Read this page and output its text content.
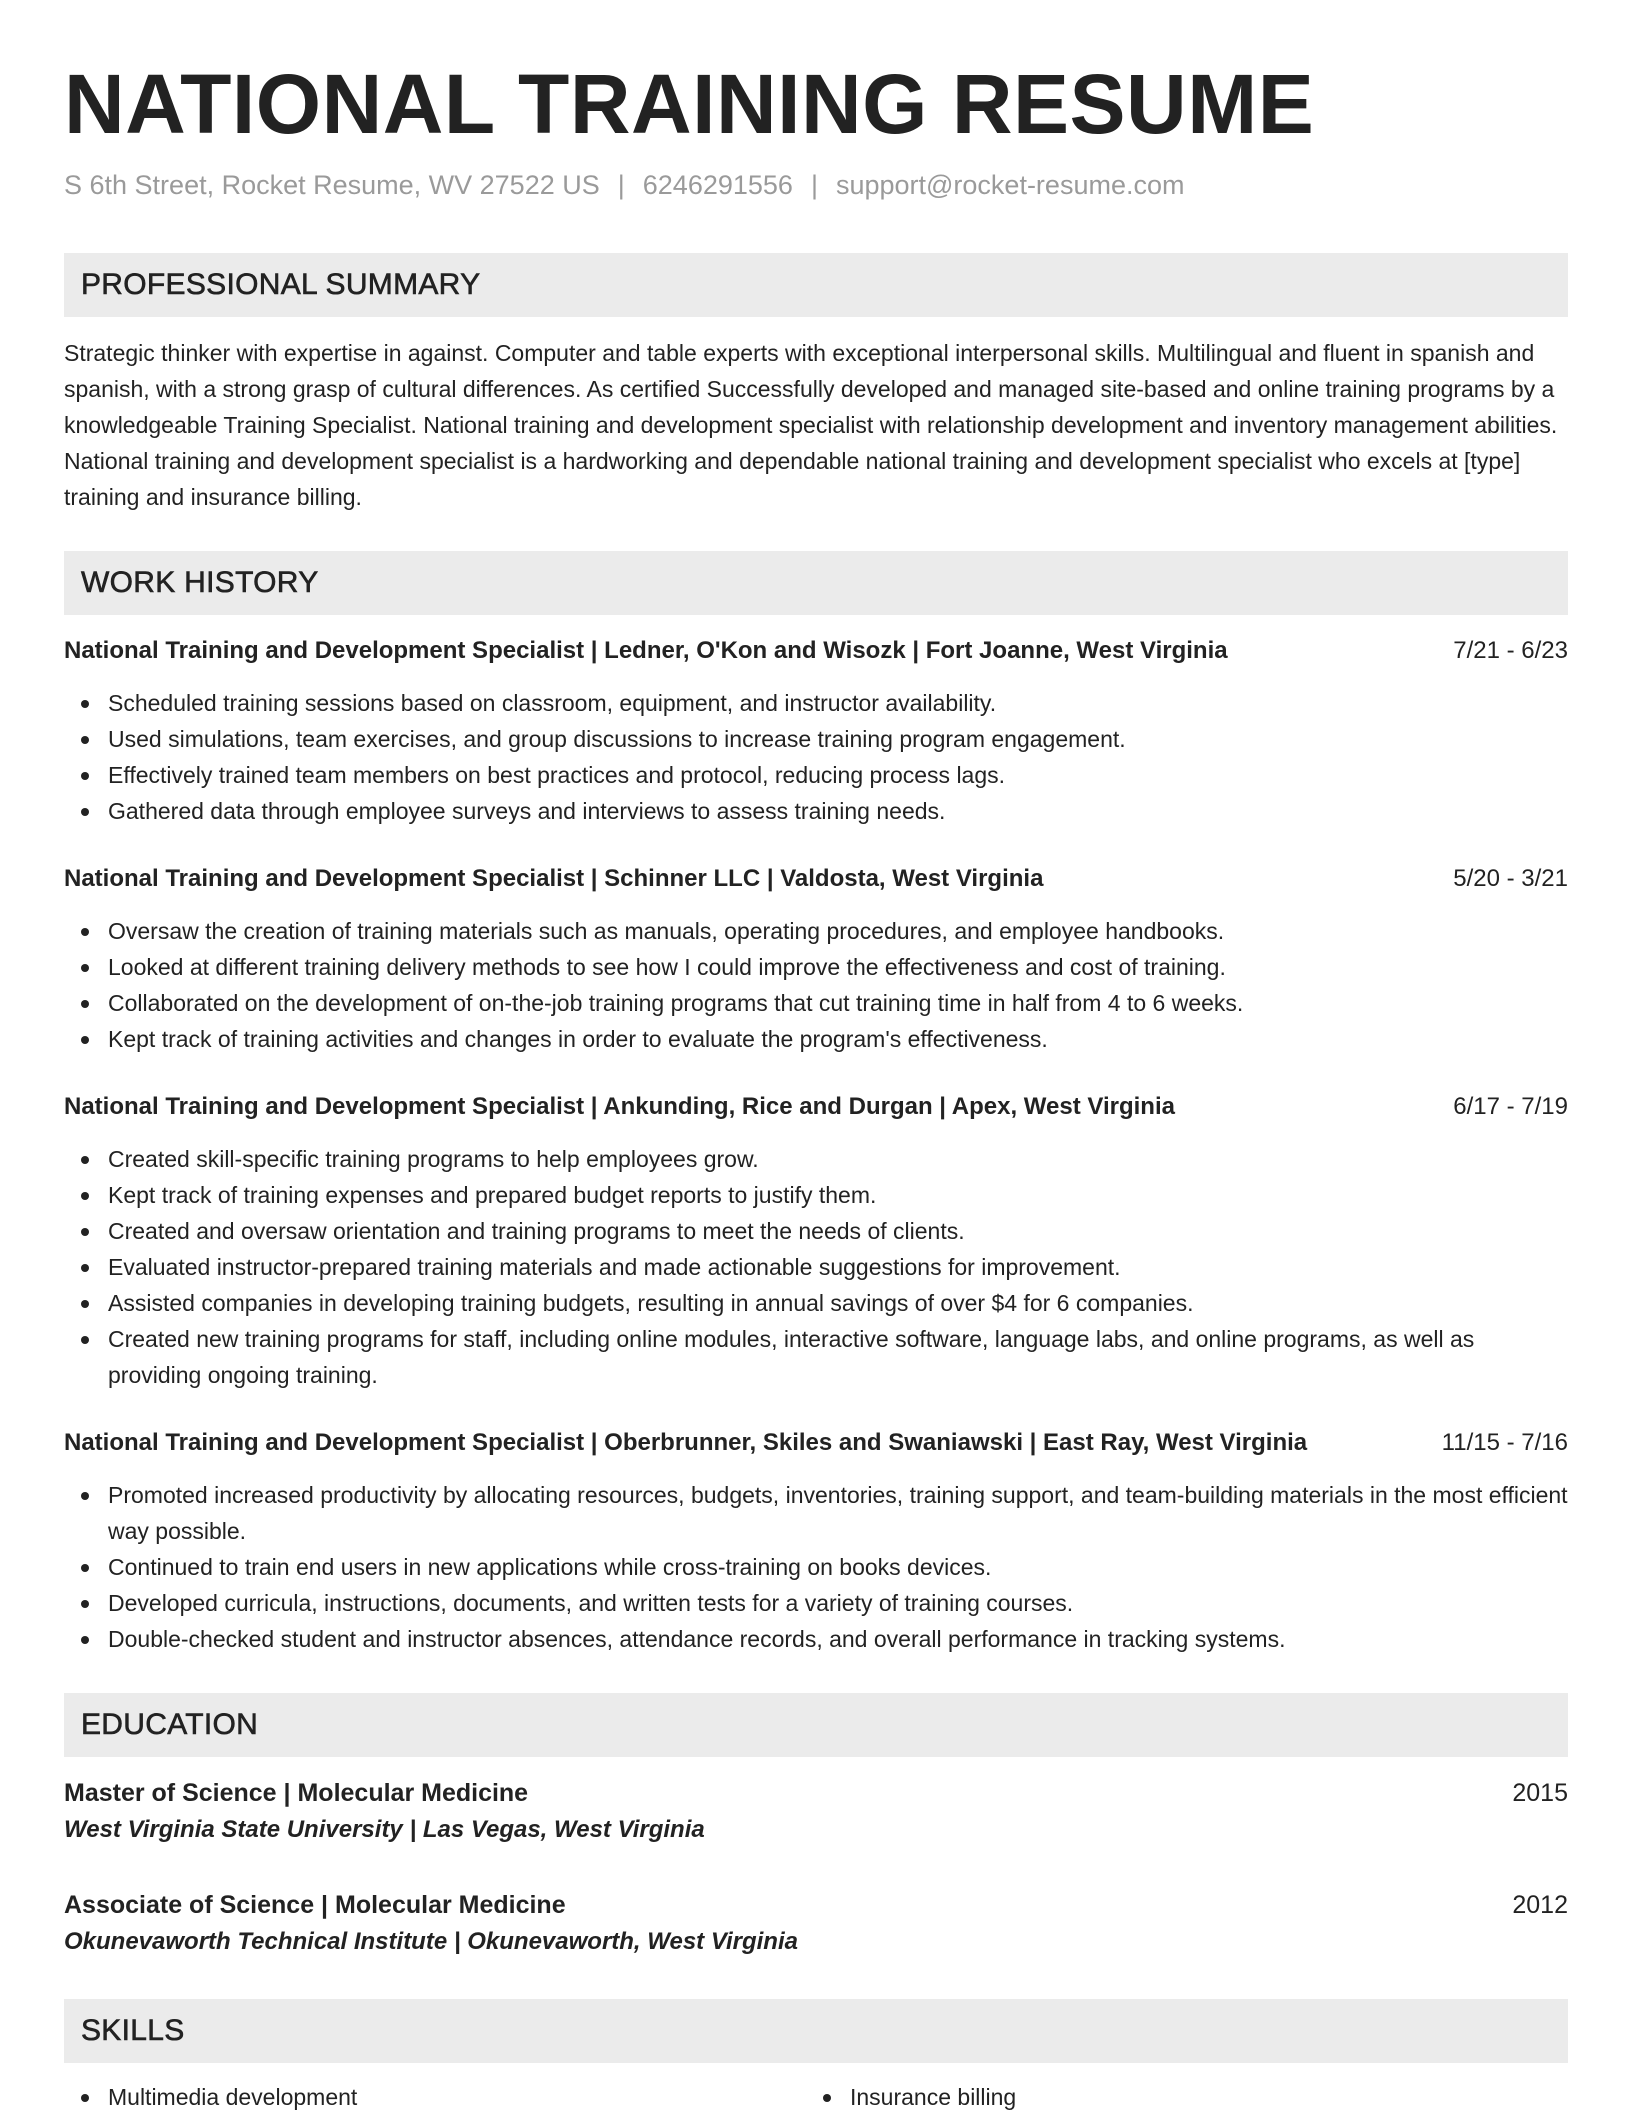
NATIONAL TRAINING RESUME
S 6th Street, Rocket Resume, WV 27522 US | 6246291556 | support@rocket-resume.com
PROFESSIONAL SUMMARY

Strategic thinker with expertise in against. Computer and table experts with exceptional interpersonal skills. Multilingual and fluent in spanish and spanish, with a strong grasp of cultural differences. As certified Successfully developed and managed site-based and online training programs by a knowledgeable Training Specialist. National training and development specialist with relationship development and inventory management abilities. National training and development specialist is a hardworking and dependable national training and development specialist who excels at [type] training and insurance billing.

WORK HISTORY
National Training and Development Specialist | Ledner, O'Kon and Wisozk | Fort Joanne, West Virginia	7/21 - 6/23
Scheduled training sessions based on classroom, equipment, and instructor availability.
Used simulations, team exercises, and group discussions to increase training program engagement.
Effectively trained team members on best practices and protocol, reducing process lags.
Gathered data through employee surveys and interviews to assess training needs.
National Training and Development Specialist | Schinner LLC | Valdosta, West Virginia	5/20 - 3/21
Oversaw the creation of training materials such as manuals, operating procedures, and employee handbooks.
Looked at different training delivery methods to see how I could improve the effectiveness and cost of training.
Collaborated on the development of on-the-job training programs that cut training time in half from 4 to 6 weeks.
Kept track of training activities and changes in order to evaluate the program's effectiveness.
National Training and Development Specialist | Ankunding, Rice and Durgan | Apex, West Virginia	6/17 - 7/19
Created skill-specific training programs to help employees grow.
Kept track of training expenses and prepared budget reports to justify them.
Created and oversaw orientation and training programs to meet the needs of clients.
Evaluated instructor-prepared training materials and made actionable suggestions for improvement.
Assisted companies in developing training budgets, resulting in annual savings of over $4 for 6 companies.
Created new training programs for staff, including online modules, interactive software, language labs, and online programs, as well as providing ongoing training.
National Training and Development Specialist | Oberbrunner, Skiles and Swaniawski | East Ray, West Virginia	11/15 - 7/16
Promoted increased productivity by allocating resources, budgets, inventories, training support, and team-building materials in the most efficient way possible.
Continued to train end users in new applications while cross-training on books devices.
Developed curricula, instructions, documents, and written tests for a variety of training courses.
Double-checked student and instructor absences, attendance records, and overall performance in tracking systems.
EDUCATION
Master of Science | Molecular Medicine	2015
West Virginia State University | Las Vegas, West Virginia
Associate of Science | Molecular Medicine	2012
Okunevaworth Technical Institute | Okunevaworth, West Virginia
SKILLS
Multimedia development	Insurance billing
